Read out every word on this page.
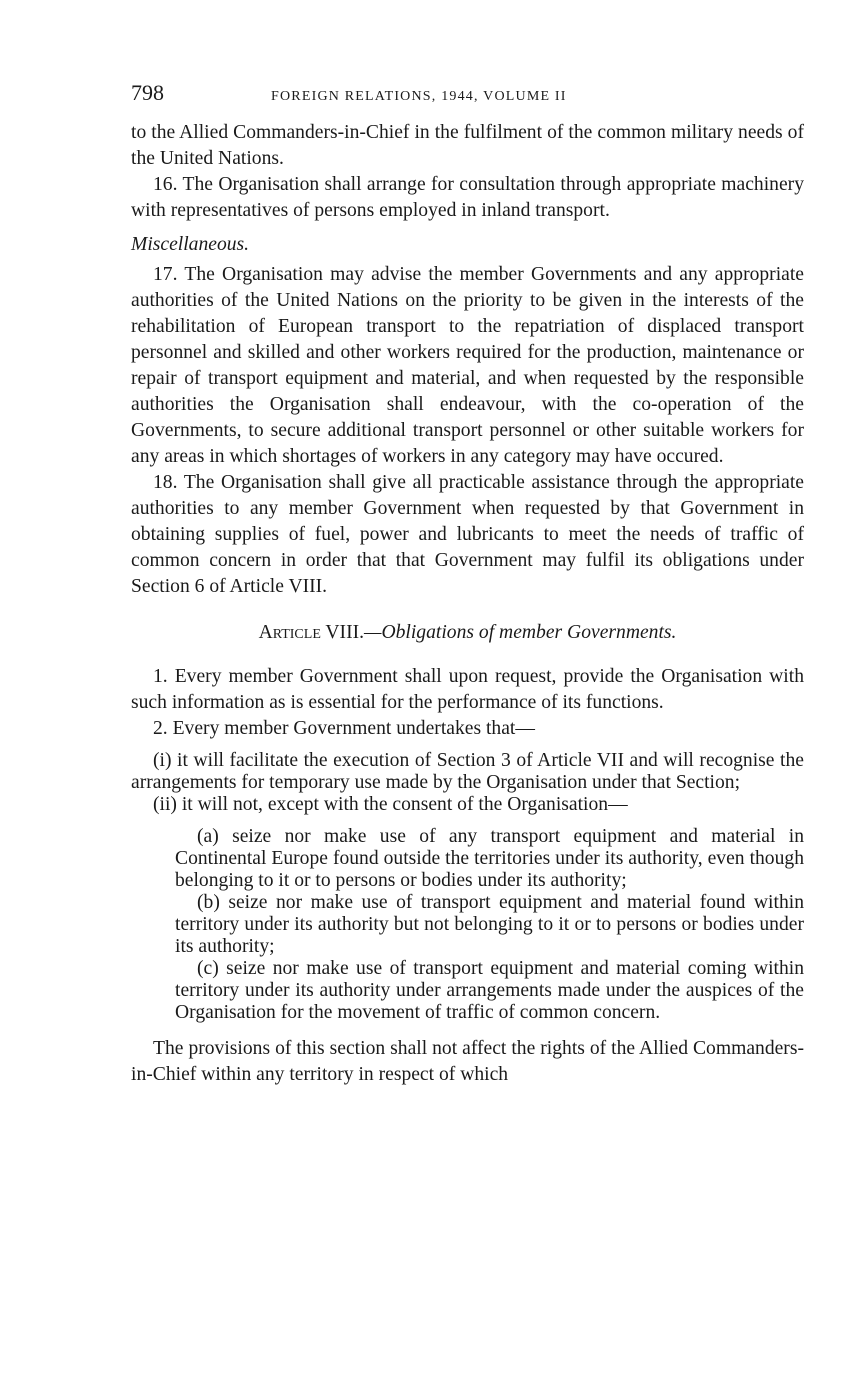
798	FOREIGN RELATIONS, 1944, VOLUME II

to the Allied Commanders-in-Chief in the fulfilment of the common military needs of the United Nations.

16. The Organisation shall arrange for consultation through appropriate machinery with representatives of persons employed in inland transport.

Miscellaneous.

17. The Organisation may advise the member Governments and any appropriate authorities of the United Nations on the priority to be given in the interests of the rehabilitation of European transport to the repatriation of displaced transport personnel and skilled and other workers required for the production, maintenance or repair of transport equipment and material, and when requested by the responsible authorities the Organisation shall endeavour, with the co-operation of the Governments, to secure additional transport personnel or other suitable workers for any areas in which shortages of workers in any category may have occured.

18. The Organisation shall give all practicable assistance through the appropriate authorities to any member Government when requested by that Government in obtaining supplies of fuel, power and lubricants to meet the needs of traffic of common concern in order that that Government may fulfil its obligations under Section 6 of Article VIII.

Article VIII.—Obligations of member Governments.

1. Every member Government shall upon request, provide the Organisation with such information as is essential for the performance of its functions.

2. Every member Government undertakes that—

(i) it will facilitate the execution of Section 3 of Article VII and will recognise the arrangements for temporary use made by the Organisation under that Section;
(ii) it will not, except with the consent of the Organisation—
(a) seize nor make use of any transport equipment and material in Continental Europe found outside the territories under its authority, even though belonging to it or to persons or bodies under its authority;
(b) seize nor make use of transport equipment and material found within territory under its authority but not belonging to it or to persons or bodies under its authority;
(c) seize nor make use of transport equipment and material coming within territory under its authority under arrangements made under the auspices of the Organisation for the movement of traffic of common concern.

The provisions of this section shall not affect the rights of the Allied Commanders-in-Chief within any territory in respect of which
